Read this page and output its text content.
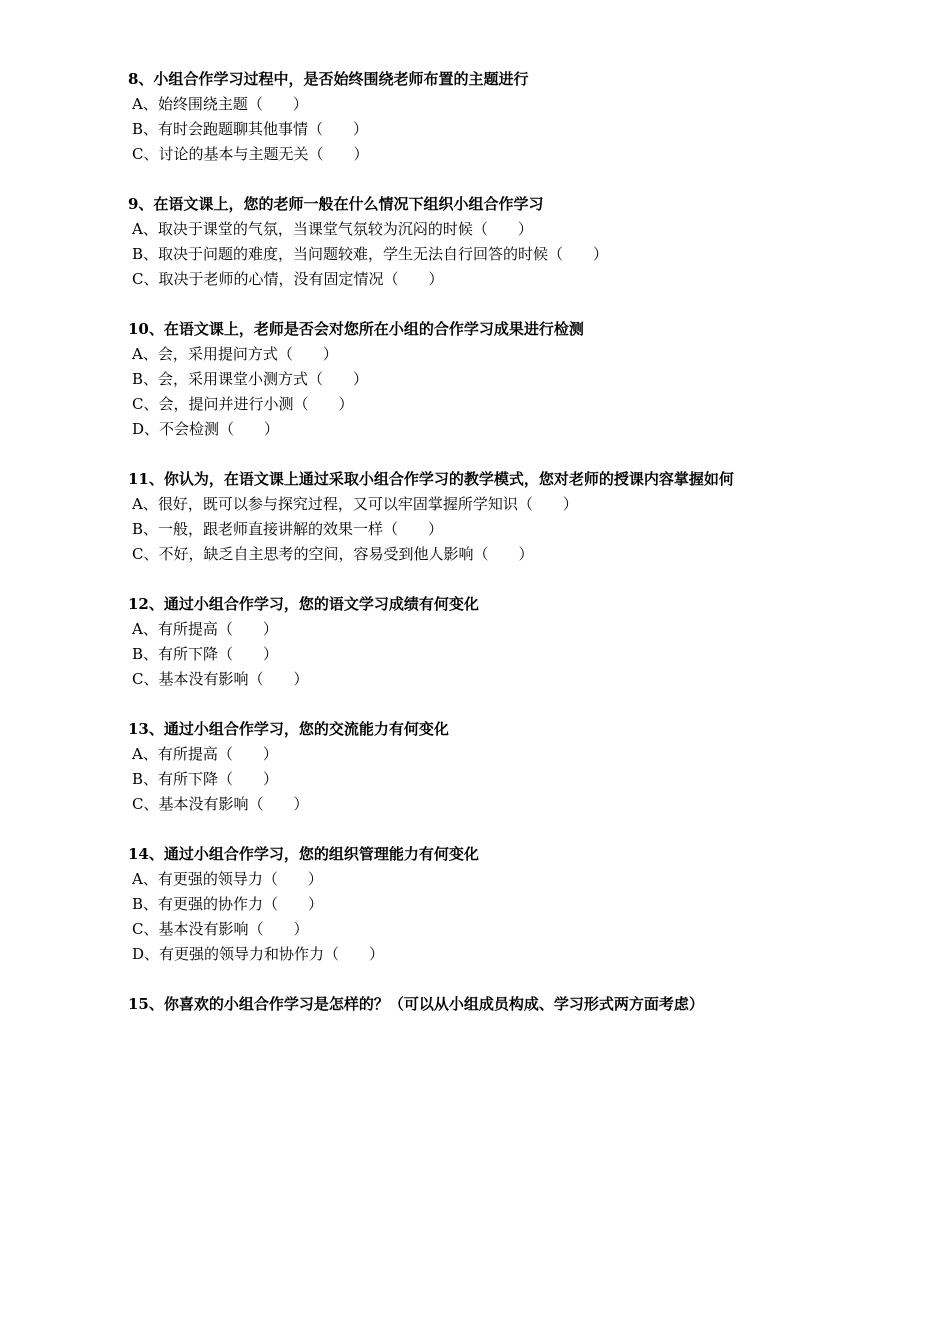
8、小组合作学习过程中，是否始终围绕老师布置的主题进行
A、始终围绕主题（　　）
B、有时会跑题聊其他事情（　　）
C、讨论的基本与主题无关（　　）
9、在语文课上，您的老师一般在什么情况下组织小组合作学习
A、取决于课堂的气氛，当课堂气氛较为沉闷的时候（　　）
B、取决于问题的难度，当问题较难，学生无法自行回答的时候（　　）
C、取决于老师的心情，没有固定情况（　　）
10、在语文课上，老师是否会对您所在小组的合作学习成果进行检测
A、会，采用提问方式（　　）
B、会，采用课堂小测方式（　　）
C、会，提问并进行小测（　　）
D、不会检测（　　）
11、你认为，在语文课上通过采取小组合作学习的教学模式，您对老师的授课内容掌握如何
A、很好，既可以参与探究过程，又可以牢固掌握所学知识（　　）
B、一般，跟老师直接讲解的效果一样（　　）
C、不好，缺乏自主思考的空间，容易受到他人影响（　　）
12、通过小组合作学习，您的语文学习成绩有何变化
A、有所提高（　　）
B、有所下降（　　）
C、基本没有影响（　　）
13、通过小组合作学习，您的交流能力有何变化
A、有所提高（　　）
B、有所下降（　　）
C、基本没有影响（　　）
14、通过小组合作学习，您的组织管理能力有何变化
A、有更强的领导力（　　）
B、有更强的协作力（　　）
C、基本没有影响（　　）
D、有更强的领导力和协作力（　　）
15、你喜欢的小组合作学习是怎样的？（可以从小组成员构成、学习形式两方面考虑）
